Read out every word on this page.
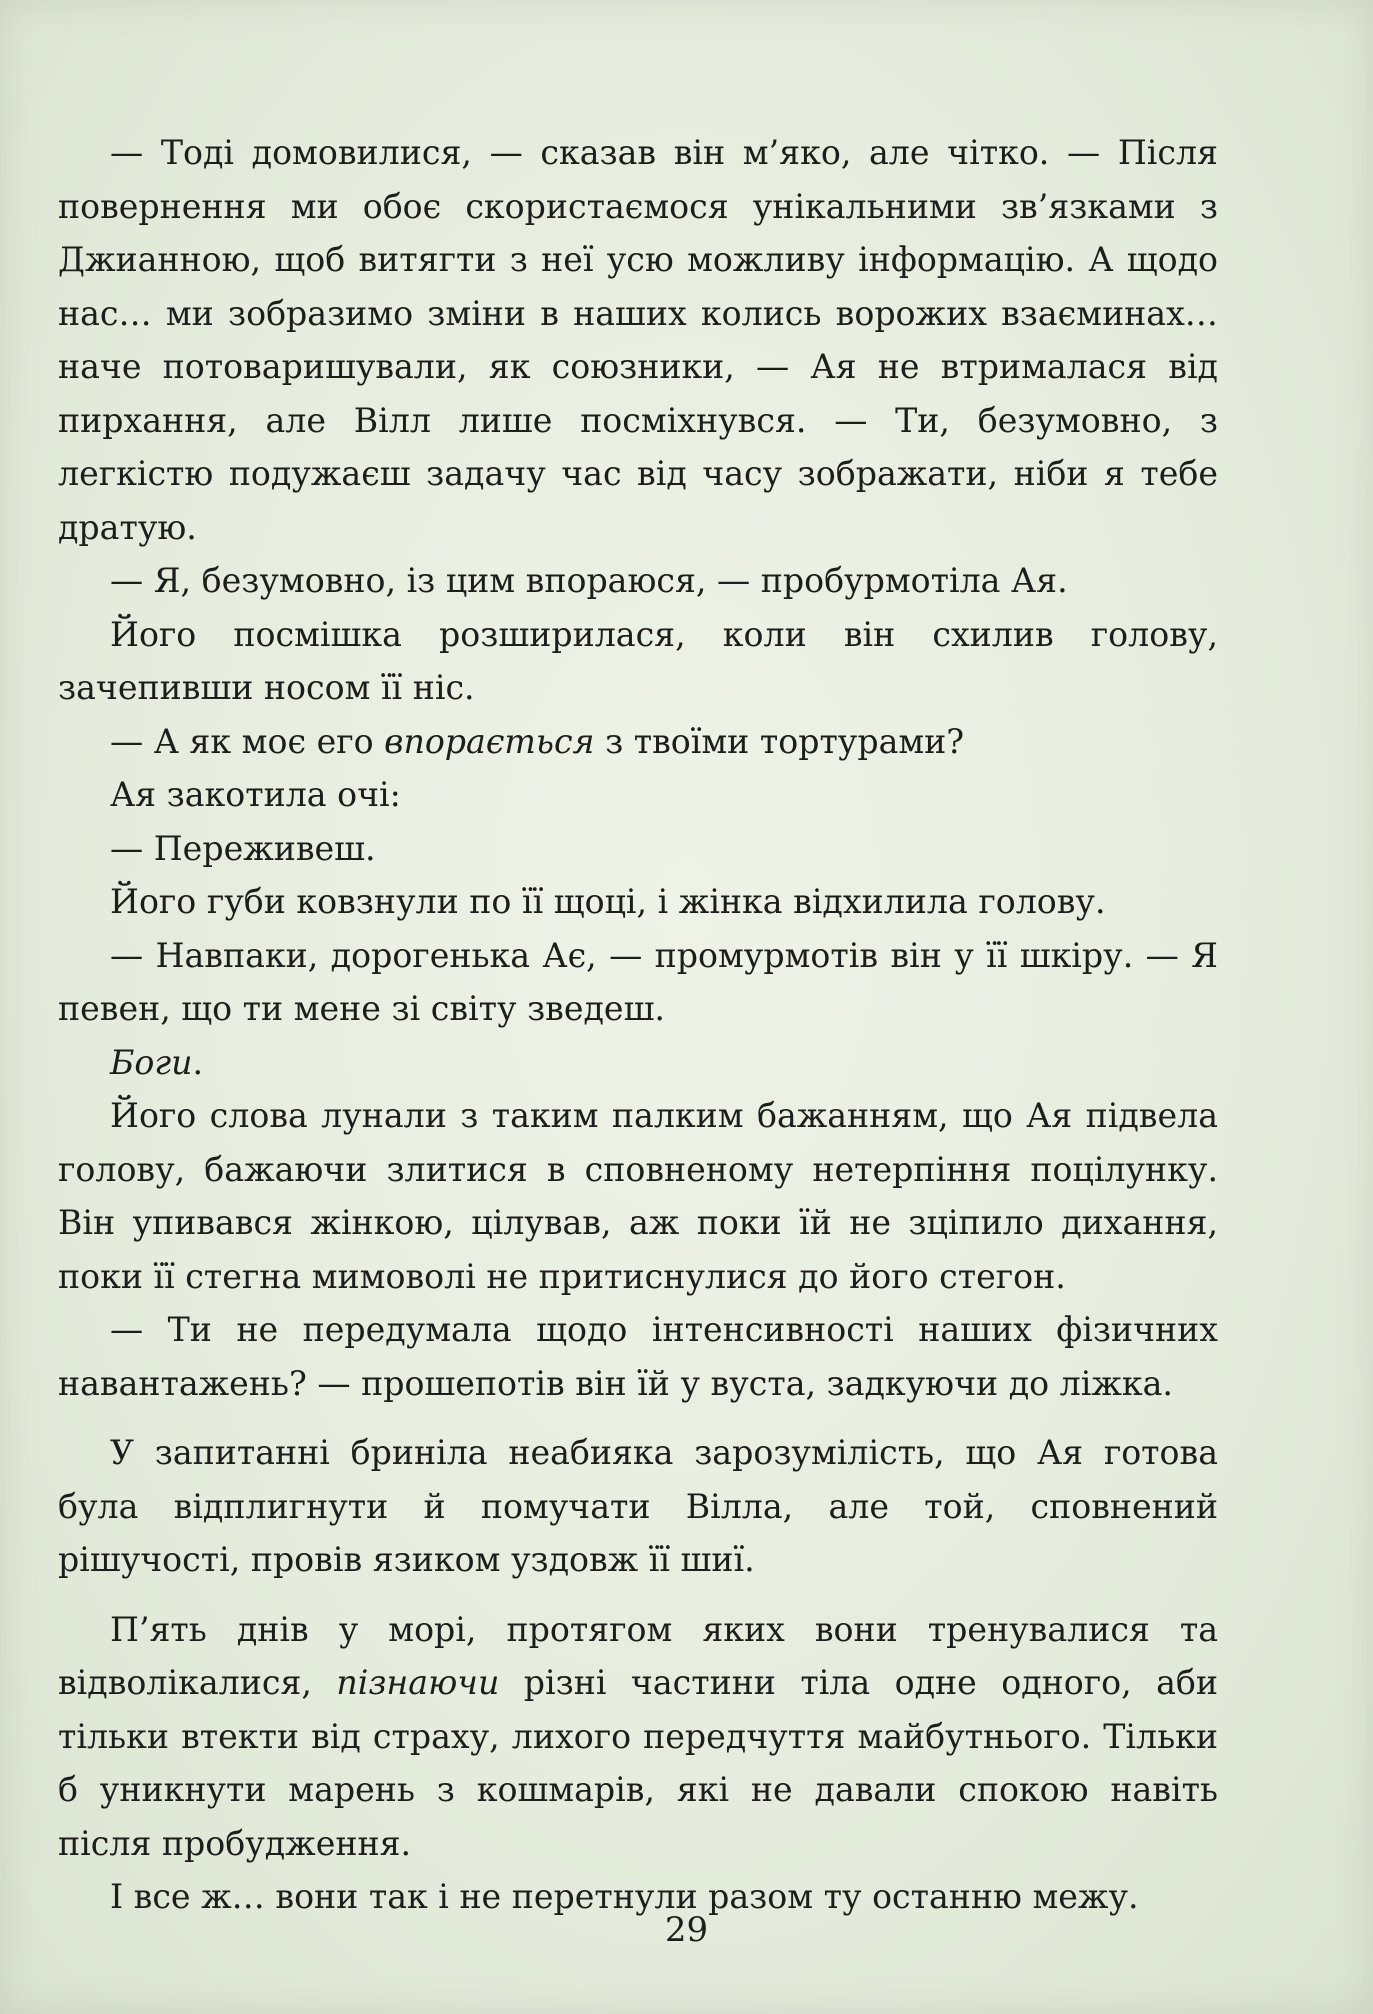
— Тоді домовилися, — сказав він м’яко, але чітко. — Після повернення ми обоє скористаємося унікальними зв’язками з Джианною, щоб витягти з неї усю можливу інформацію. А щодо нас… ми зобразимо зміни в наших колись ворожих взаєминах… наче потоваришували, як союзники, — Ая не втрималася від пирхання, але Вілл лише посміхнувся. — Ти, безумовно, з легкістю подужаєш задачу час від часу зображати, ніби я тебе дратую.

— Я, безумовно, із цим впораюся, — пробурмотіла Ая.

Його посмішка розширилася, коли він схилив голову, зачепивши носом її ніс.

— А як моє его впорається з твоїми тортурами?

Ая закотила очі:

— Переживеш.

Його губи ковзнули по її щоці, і жінка відхилила голову.

— Навпаки, дорогенька Ає, — промурмотів він у її шкіру. — Я певен, що ти мене зі світу зведеш.

Боги.

Його слова лунали з таким палким бажанням, що Ая підвела голову, бажаючи злитися в сповненому нетерпіння поцілунку. Він упивався жінкою, цілував, аж поки їй не зціпило дихання, поки її стегна мимоволі не притиснулися до його стегон.

— Ти не передумала щодо інтенсивності наших фізичних навантажень? — прошепотів він їй у вуста, задкуючи до ліжка.

У запитанні бриніла неабияка зарозумілість, що Ая готова була відплигнути й помучати Вілла, але той, сповнений рішучості, провів язиком уздовж її шиї.

П’ять днів у морі, протягом яких вони тренувалися та відволікалися, пізнаючи різні частини тіла одне одного, аби тільки втекти від страху, лихого передчуття майбутнього. Тільки б уникнути марень з кошмарів, які не давали спокою навіть після пробудження.

І все ж… вони так і не перетнули разом ту останню межу.

29
